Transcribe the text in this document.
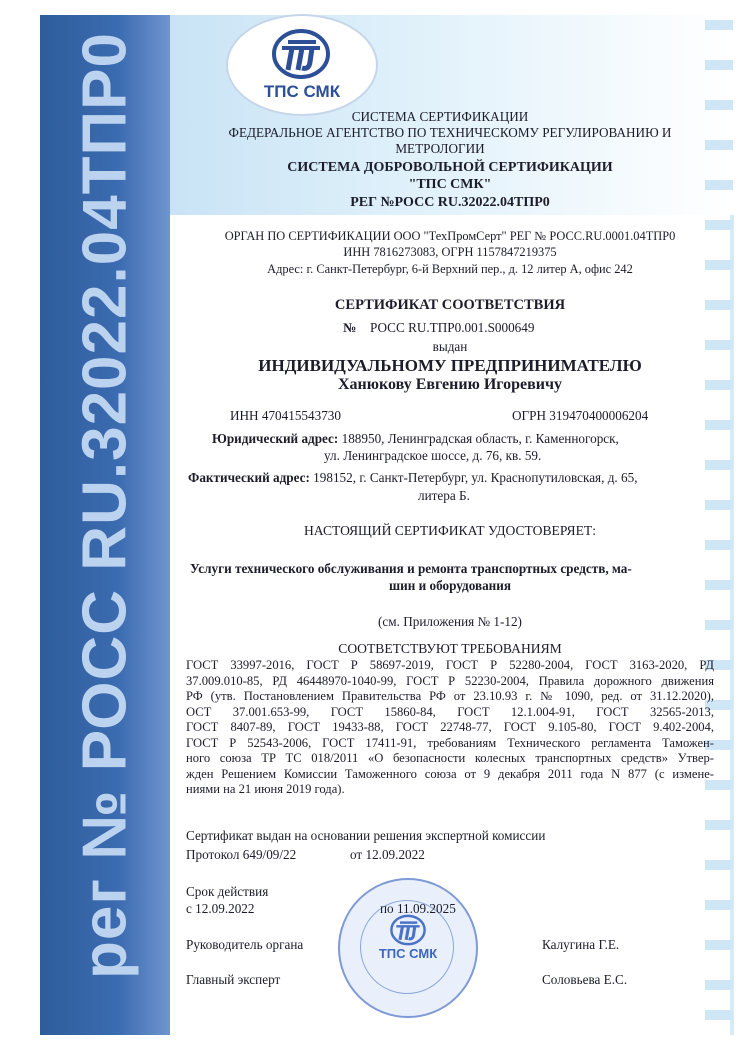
рег № РОСС RU.32022.04ТПР0	ТПС СМК
СИСТЕМА СЕРТИФИКАЦИИ
ФЕДЕРАЛЬНОЕ АГЕНТСТВО ПО ТЕХНИЧЕСКОМУ РЕГУЛИРОВАНИЮ И
МЕТРОЛОГИИ
СИСТЕМА ДОБРОВОЛЬНОЙ СЕРТИФИКАЦИИ
"ТПС СМК"
РЕГ №РОСС RU.32022.04ТПР0
ОРГАН ПО СЕРТИФИКАЦИИ ООО "ТехПромСерт" РЕГ № РОСС.RU.0001.04ТПР0
ИНН 7816273083, ОГРН 1157847219375
Адрес: г. Санкт-Петербург, 6-й Верхний пер., д. 12 литер А, офис 242
СЕРТИФИКАТ СООТВЕТСТВИЯ
№ РОСС RU.ТПР0.001.S000649
выдан
ИНДИВИДУАЛЬНОМУ ПРЕДПРИНИМАТЕЛЮ
Ханюкову Евгению Игоревичу
ИНН 470415543730	ОГРН 319470400006204
Юридический адрес: 188950, Ленинградская область, г. Каменногорск,
ул. Ленинградское шоссе, д. 76, кв. 59.
Фактический адрес: 198152, г. Санкт-Петербург, ул. Краснопутиловская, д. 65,
литера Б.
НАСТОЯЩИЙ СЕРТИФИКАТ УДОСТОВЕРЯЕТ:
Услуги технического обслуживания и ремонта транспортных средств, ма-
шин и оборудования
(см. Приложения № 1-12)
СООТВЕТСТВУЮТ ТРЕБОВАНИЯМ
ГОСТ 33997-2016, ГОСТ Р 58697-2019, ГОСТ Р 52280-2004, ГОСТ 3163-2020, РД
37.009.010-85, РД 46448970-1040-99, ГОСТ Р 52230-2004, Правила дорожного движения
РФ (утв. Постановлением Правительства РФ от 23.10.93 г. № 1090, ред. от 31.12.2020),
ОСТ 37.001.653-99, ГОСТ 15860-84, ГОСТ 12.1.004-91, ГОСТ 32565-2013,
ГОСТ 8407-89, ГОСТ 19433-88, ГОСТ 22748-77, ГОСТ 9.105-80, ГОСТ 9.402-2004,
ГОСТ Р 52543-2006, ГОСТ 17411-91, требованиям Технического регламента Таможен-
ного союза ТР ТС 018/2011 «О безопасности колесных транспортных средств» Утвер-
жден Решением Комиссии Таможенного союза от 9 декабря 2011 года N 877 (с измене-
ниями на 21 июня 2019 года).
Сертификат выдан на основании решения экспертной комиссии
Протокол 649/09/22	от 12.09.2022
ТПС СМК
Срок действия
с 12.09.2022	по 11.09.2025
Руководитель органа	Калугина Г.Е.
Главный эксперт	Соловьева Е.С.
